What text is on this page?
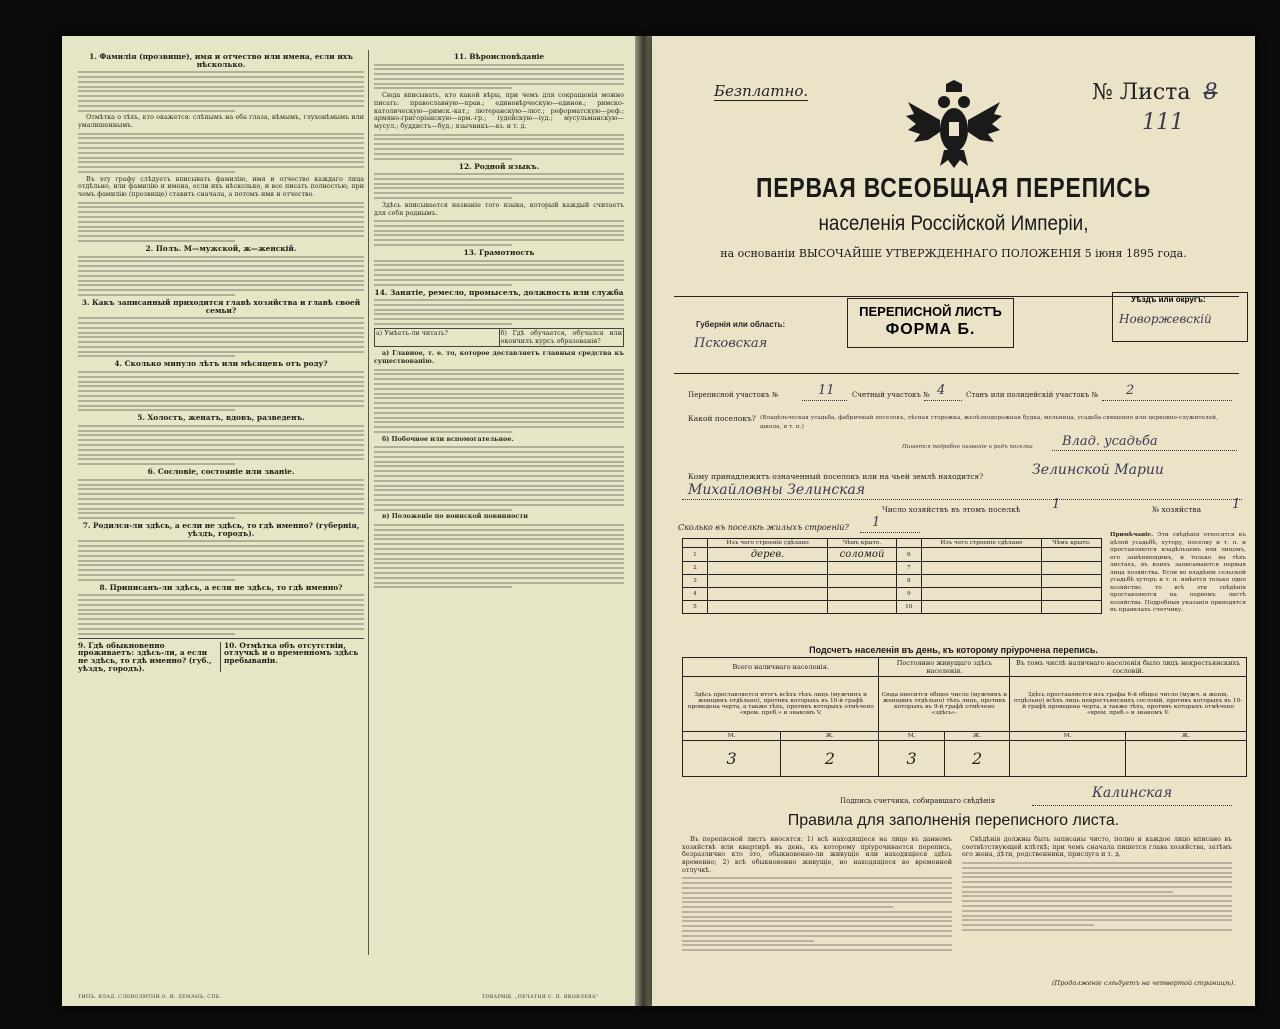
1. Фамилія (прозвище), имя и отчество или имена, если ихъ нѣсколько.

Отмѣтка о тѣхъ, кто окажется: слѣпымъ на оба глаза, нѣмымъ, глухонѣмымъ или умалишеннымъ.

Въ эту графу слѣдуетъ вписывать фамилію, имя и отчество каждаго лица отдѣльно, или фамилію и имена, если ихъ нѣсколько, и все писать полностью, при чемъ фамилію (прозвище) ставить сначала, а потомъ имя и отчество.

2. Полъ. М—мужской, ж—женскій.
3. Какъ записанный приходится главѣ хозяйства и главѣ своей семьи?
4. Сколько минуло лѣтъ или мѣсяцевъ отъ роду?
5. Холостъ, женатъ, вдовъ, разведенъ.
6. Сословіе, состояніе или званіе.
7. Родился-ли здѣсь, а если не здѣсь, то гдѣ именно? (губернія, уѣздъ, городъ).
8. Приписанъ-ли здѣсь, а если не здѣсь, то гдѣ именно?
9. Гдѣ обыкновенно проживаетъ: здѣсь-ли, а если не здѣсь, то гдѣ именно? (губ., уѣздъ, городъ).
10. Отмѣтка объ отсутствіи, отлучкѣ и о временномъ здѣсь пребываніи.
11. Вѣроисповѣданіе

Сюда вписывать, кто какой вѣры, при чемъ для сокращенія можно писать: православную—прав.; единовѣрческую—единов.; римско-католическую—римск.-кат.; лютеранскую—лют.; реформатскую—реф.; армяно-григоріанскую—арм.-гр.; іудейскую—іуд.; мусульманскую—мусул.; буддистъ—буд.; язычникъ—яз. и т. д.

12. Родной языкъ.

Здѣсь вписывается названіе того языка, который каждый считаетъ для себя роднымъ.

13. Грамотность
14. Занятіе, ремесло, промыселъ, должность или служба
а) Умѣетъ-ли читать?	б) Гдѣ обучается, обучался или окончилъ курсъ образованія?

а) Главное, т. е. то, которое доставляетъ главныя средства къ существованію.

б) Побочное или вспомогательное.

в) Положеніе по воинской повинности

ТИПЪ. ВЛАД. СЛОВОЛИТНИ О. И. ЛЕМАНЪ, СПБ.	ТОВАРИЩ. „ПЕЧАТНЯ С. П. ЯКОВЛЕВА“
Безплатно.	№ Листа 8
111
ПЕРВАЯ ВСЕОБЩАЯ ПЕРЕПИСЬ
населенія Россійской Имперіи,
на основаніи ВЫСОЧАЙШЕ УТВЕРЖДЕННАГО ПОЛОЖЕНІЯ 5 іюня 1895 года.
Губернія или область:
Псковская
ПЕРЕПИСНОЙ ЛИСТЪ
ФОРМА Б.
Уѣздъ или округъ:
Новоржевскій
Переписной участокъ №	11 Счетный участокъ № 4	Станъ или полицейскій участокъ № 2
Какой поселокъ? (Владѣльческая усадьба, фабричный поселокъ, лѣсная сторожка, желѣзнодорожная будка, мельница, усадьба священно или церковно-служителей, школа, и т. п.)
Пишется подробно названіе и родъ поселка Влад. усадьба
Кому принадлежитъ означенный поселокъ или на чьей землѣ находится?	Зелинской Марии
Михайловны Зелинская
Число хозяйствъ въ этомъ поселкѣ 1	№ хозяйства 1
Сколько въ поселкѣ жилыхъ строеній? 1
	Изъ чего строеніе сдѣлано	Чѣмъ крыто.		Изъ чего строеніе сдѣлано	Чѣмъ крыто.
1	дерев.	соломой	6		
2			7		
3			8		
4			9		
5			10		
Примѣчаніе. Эти свѣдѣнія относятся къ цѣлой усадьбѣ, хутору, поселку и т. п. и проставляются владѣльцемъ или лицомъ, его замѣняющимъ, и только на тѣхъ листахъ, въ коихъ записываются первыя лица хозяйства. Если во владѣніи сельской усадьбѣ хуторъ и т. п. имѣется только одно хозяйство, то всѣ эти свѣдѣнія проставляются на первомъ листѣ хозяйства. Подробныя указанія приводятся въ правилахъ счетчику.
Подсчетъ населенія въ день, къ которому пріурочена перепись.
Всего наличнаго населенія.		Постоянно живущаго здѣсь населенія.		Въ томъ числѣ наличнаго населенія было лицъ некрестьянскихъ сословій.	
Здѣсь проставляется итогъ всѣхъ тѣхъ лицъ (мужчинъ и женщинъ отдѣльно), противъ которыхъ въ 10-й графѣ проведена черта, а также тѣхъ, противъ которыхъ отмѣчено «врем. преб.» и знакомъ V.		Сюда вносится общее число (мужчинъ и женщинъ отдѣльно) тѣхъ лицъ, противъ которыхъ въ 9-й графѣ отмѣчено «здѣсь».		Здѣсь проставляется изъ графы 6-й общее число (мужч. и женщ. отдѣльно) всѣхъ лицъ некрестьянскихъ сословій, противъ которыхъ въ 10-й графѣ проведена черта, а также тѣхъ, противъ которыхъ отмѣчено «врем. преб.» и знакомъ V.	
М.	Ж.	М.	Ж.	М.	Ж.
3	2	3	2		
Подпись счетчика, собиравшаго свѣдѣнія	Калинская
Правила для заполненія переписного листа.

Въ переписной листъ вносятся: 1) всѣ находящіеся на лицо въ данномъ хозяйствѣ или квартирѣ въ день, къ которому пріурочивается перепись, безразлично кто это, обыкновенно-ли живущіе или находящіеся здѣсь временно; 2) всѣ обыкновенно живущіе, но находящіеся во временной отлучкѣ.

Свѣдѣнія должны быть записаны чисто, полно и каждое лицо вписано въ соотвѣтствующей клѣткѣ; при чемъ сначала пишется глава хозяйства, затѣмъ его жена, дѣти, родственники, прислуга и т. д.

(Продолженіе слѣдуетъ на четвертой страницѣ).
